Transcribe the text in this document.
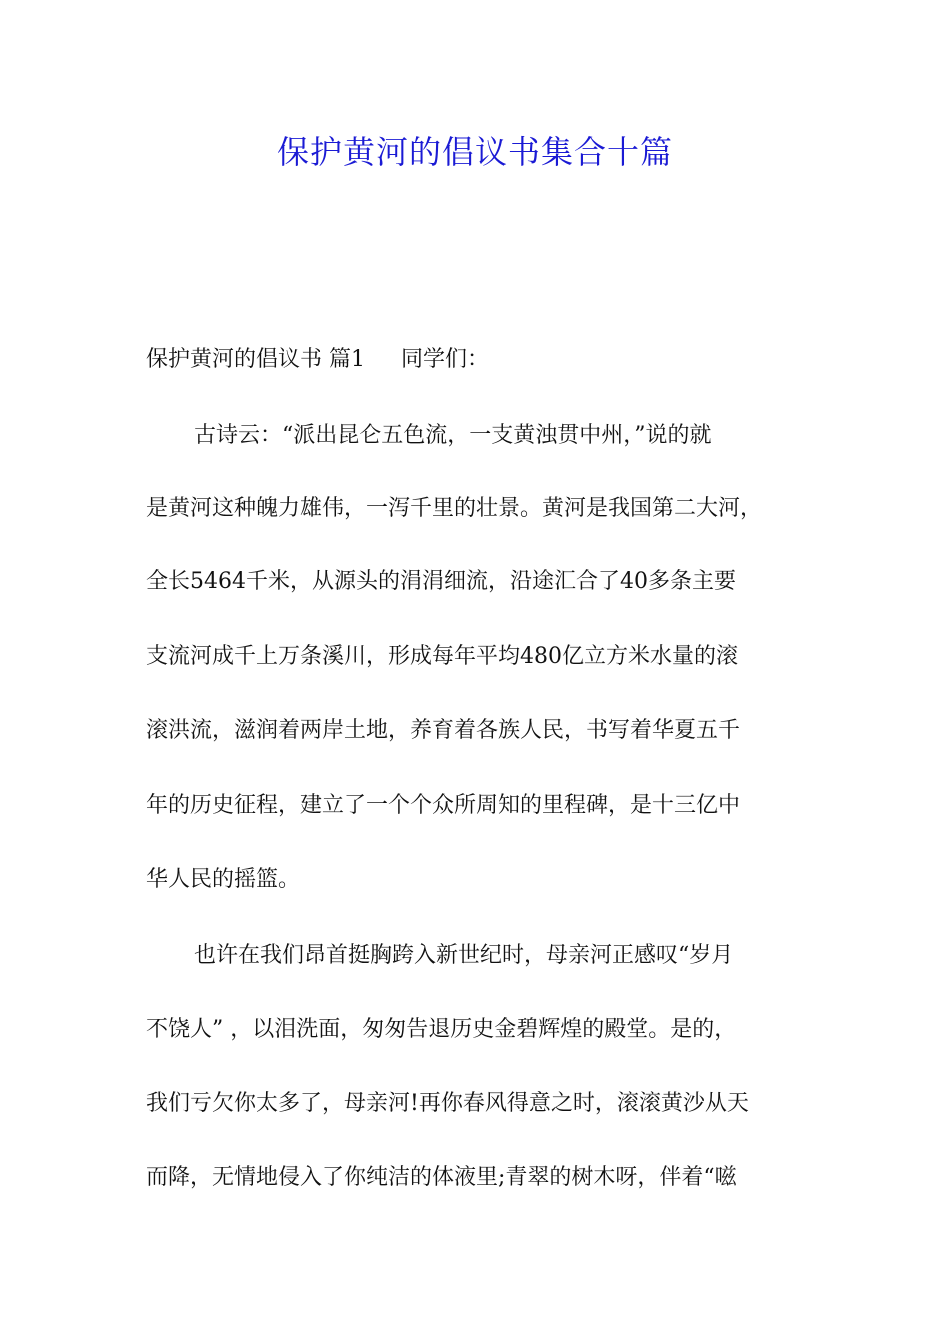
保护黄河的倡议书集合十篇
保护黄河的倡议书 篇1 同学们：
古诗云：“派出昆仑五色流，一支黄浊贯中州，”说的就
是黄河这种魄力雄伟，一泻千里的壮景。黄河是我国第二大河，
全长5464千米，从源头的涓涓细流，沿途汇合了40多条主要
支流河成千上万条溪川，形成每年平均480亿立方米水量的滚
滚洪流，滋润着两岸土地，养育着各族人民，书写着华夏五千
年的历史征程，建立了一个个众所周知的里程碑，是十三亿中
华人民的摇篮。
也许在我们昂首挺胸跨入新世纪时，母亲河正感叹“岁月
不饶人” ，以泪洗面，匆匆告退历史金碧辉煌的殿堂。是的，
我们亏欠你太多了，母亲河!再你春风得意之时，滚滚黄沙从天
而降，无情地侵入了你纯洁的体液里;青翠的树木呀，伴着“嗞
